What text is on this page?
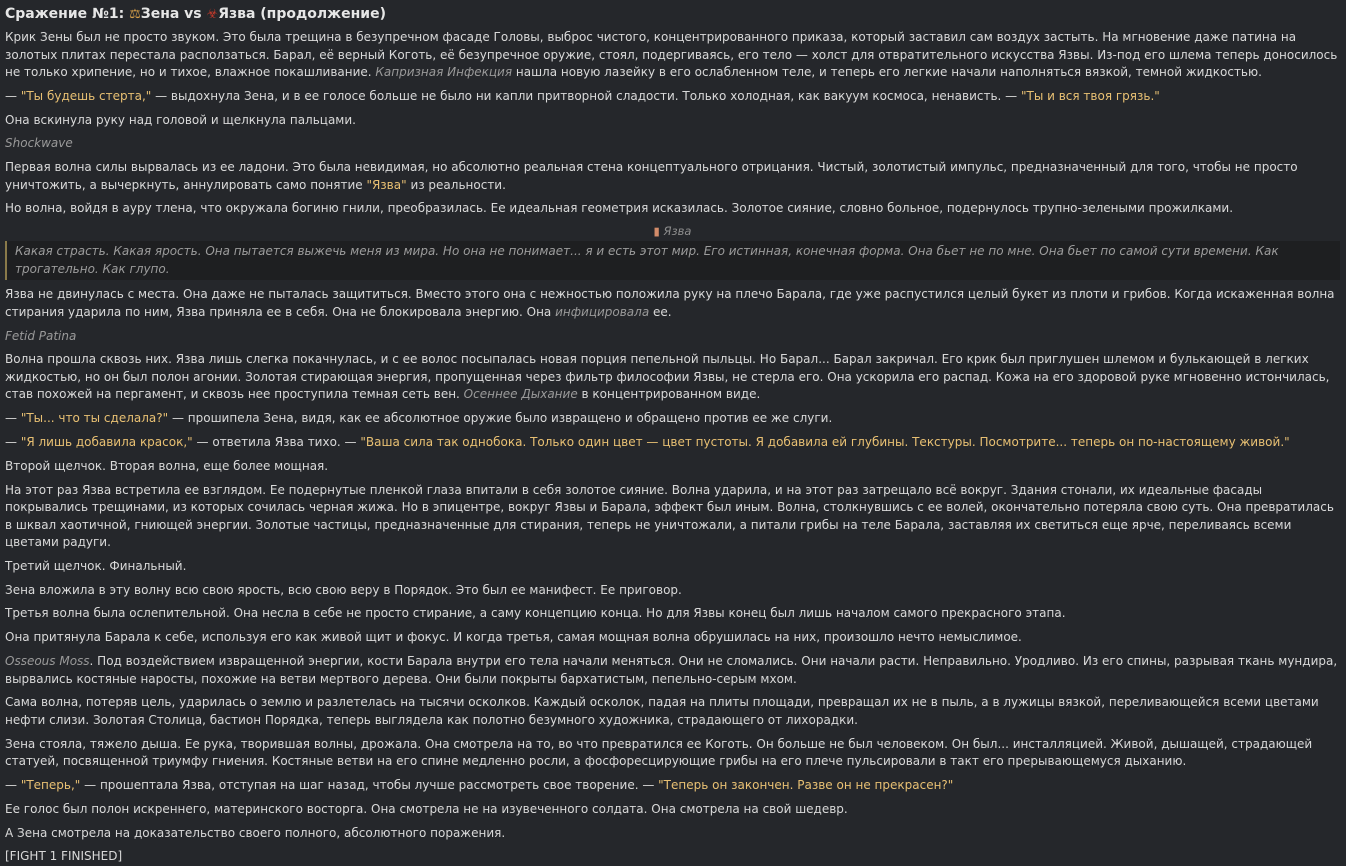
Сражение №1: ⚖Зена vs ☣Язва (продолжение)

Крик Зены был не просто звуком. Это была трещина в безупречном фасаде Головы, выброс чистого, концентрированного приказа, который заставил сам воздух застыть. На мгновение даже патина на золотых плитах перестала расползаться. Барал, её верный Коготь, её безупречное оружие, стоял, подергиваясь, его тело — холст для отвратительного искусства Язвы. Из-под его шлема теперь доносилось не только хрипение, но и тихое, влажное покашливание. Капризная Инфекция нашла новую лазейку в его ослабленном теле, и теперь его легкие начали наполняться вязкой, темной жидкостью.

— "Ты будешь стерта," — выдохнула Зена, и в ее голосе больше не было ни капли притворной сладости. Только холодная, как вакуум космоса, ненависть. — "Ты и вся твоя грязь."

Она вскинула руку над головой и щелкнула пальцами.

Shockwave

Первая волна силы вырвалась из ее ладони. Это была невидимая, но абсолютно реальная стена концептуального отрицания. Чистый, золотистый импульс, предназначенный для того, чтобы не просто уничтожить, а вычеркнуть, аннулировать само понятие "Язва" из реальности.

Но волна, войдя в ауру тлена, что окружала богиню гнили, преобразилась. Ее идеальная геометрия исказилась. Золотое сияние, словно больное, подернулось трупно-зелеными прожилками.

▮ Язва
Какая страсть. Какая ярость. Она пытается выжечь меня из мира. Но она не понимает... я и есть этот мир. Его истинная, конечная форма. Она бьет не по мне. Она бьет по самой сути времени. Как трогательно. Как глупо.

Язва не двинулась с места. Она даже не пыталась защититься. Вместо этого она с нежностью положила руку на плечо Барала, где уже распустился целый букет из плоти и грибов. Когда искаженная волна стирания ударила по ним, Язва приняла ее в себя. Она не блокировала энергию. Она инфицировала ее.

Fetid Patina

Волна прошла сквозь них. Язва лишь слегка покачнулась, и с ее волос посыпалась новая порция пепельной пыльцы. Но Барал... Барал закричал. Его крик был приглушен шлемом и булькающей в легких жидкостью, но он был полон агонии. Золотая стирающая энергия, пропущенная через фильтр философии Язвы, не стерла его. Она ускорила его распад. Кожа на его здоровой руке мгновенно истончилась, став похожей на пергамент, и сквозь нее проступила темная сеть вен. Осеннее Дыхание в концентрированном виде.

— "Ты... что ты сделала?" — прошипела Зена, видя, как ее абсолютное оружие было извращено и обращено против ее же слуги.

— "Я лишь добавила красок," — ответила Язва тихо. — "Ваша сила так однобока. Только один цвет — цвет пустоты. Я добавила ей глубины. Текстуры. Посмотрите... теперь он по-настоящему живой."

Второй щелчок. Вторая волна, еще более мощная.

На этот раз Язва встретила ее взглядом. Ее подернутые пленкой глаза впитали в себя золотое сияние. Волна ударила, и на этот раз затрещало всё вокруг. Здания стонали, их идеальные фасады покрывались трещинами, из которых сочилась черная жижа. Но в эпицентре, вокруг Язвы и Барала, эффект был иным. Волна, столкнувшись с ее волей, окончательно потеряла свою суть. Она превратилась в шквал хаотичной, гниющей энергии. Золотые частицы, предназначенные для стирания, теперь не уничтожали, а питали грибы на теле Барала, заставляя их светиться еще ярче, переливаясь всеми цветами радуги.

Третий щелчок. Финальный.

Зена вложила в эту волну всю свою ярость, всю свою веру в Порядок. Это был ее манифест. Ее приговор.

Третья волна была ослепительной. Она несла в себе не просто стирание, а саму концепцию конца. Но для Язвы конец был лишь началом самого прекрасного этапа.

Она притянула Барала к себе, используя его как живой щит и фокус. И когда третья, самая мощная волна обрушилась на них, произошло нечто немыслимое.

Osseous Moss. Под воздействием извращенной энергии, кости Барала внутри его тела начали меняться. Они не сломались. Они начали расти. Неправильно. Уродливо. Из его спины, разрывая ткань мундира, вырвались костяные наросты, похожие на ветви мертвого дерева. Они были покрыты бархатистым, пепельно-серым мхом.

Сама волна, потеряв цель, ударилась о землю и разлетелась на тысячи осколков. Каждый осколок, падая на плиты площади, превращал их не в пыль, а в лужицы вязкой, переливающейся всеми цветами нефти слизи. Золотая Столица, бастион Порядка, теперь выглядела как полотно безумного художника, страдающего от лихорадки.

Зена стояла, тяжело дыша. Ее рука, творившая волны, дрожала. Она смотрела на то, во что превратился ее Коготь. Он больше не был человеком. Он был... инсталляцией. Живой, дышащей, страдающей статуей, посвященной триумфу гниения. Костяные ветви на его спине медленно росли, а фосфоресцирующие грибы на его плече пульсировали в такт его прерывающемуся дыханию.

— "Теперь," — прошептала Язва, отступая на шаг назад, чтобы лучше рассмотреть свое творение. — "Теперь он закончен. Разве он не прекрасен?"

Ее голос был полон искреннего, материнского восторга. Она смотрела не на изувеченного солдата. Она смотрела на свой шедевр.

А Зена смотрела на доказательство своего полного, абсолютного поражения.

[FIGHT 1 FINISHED]
